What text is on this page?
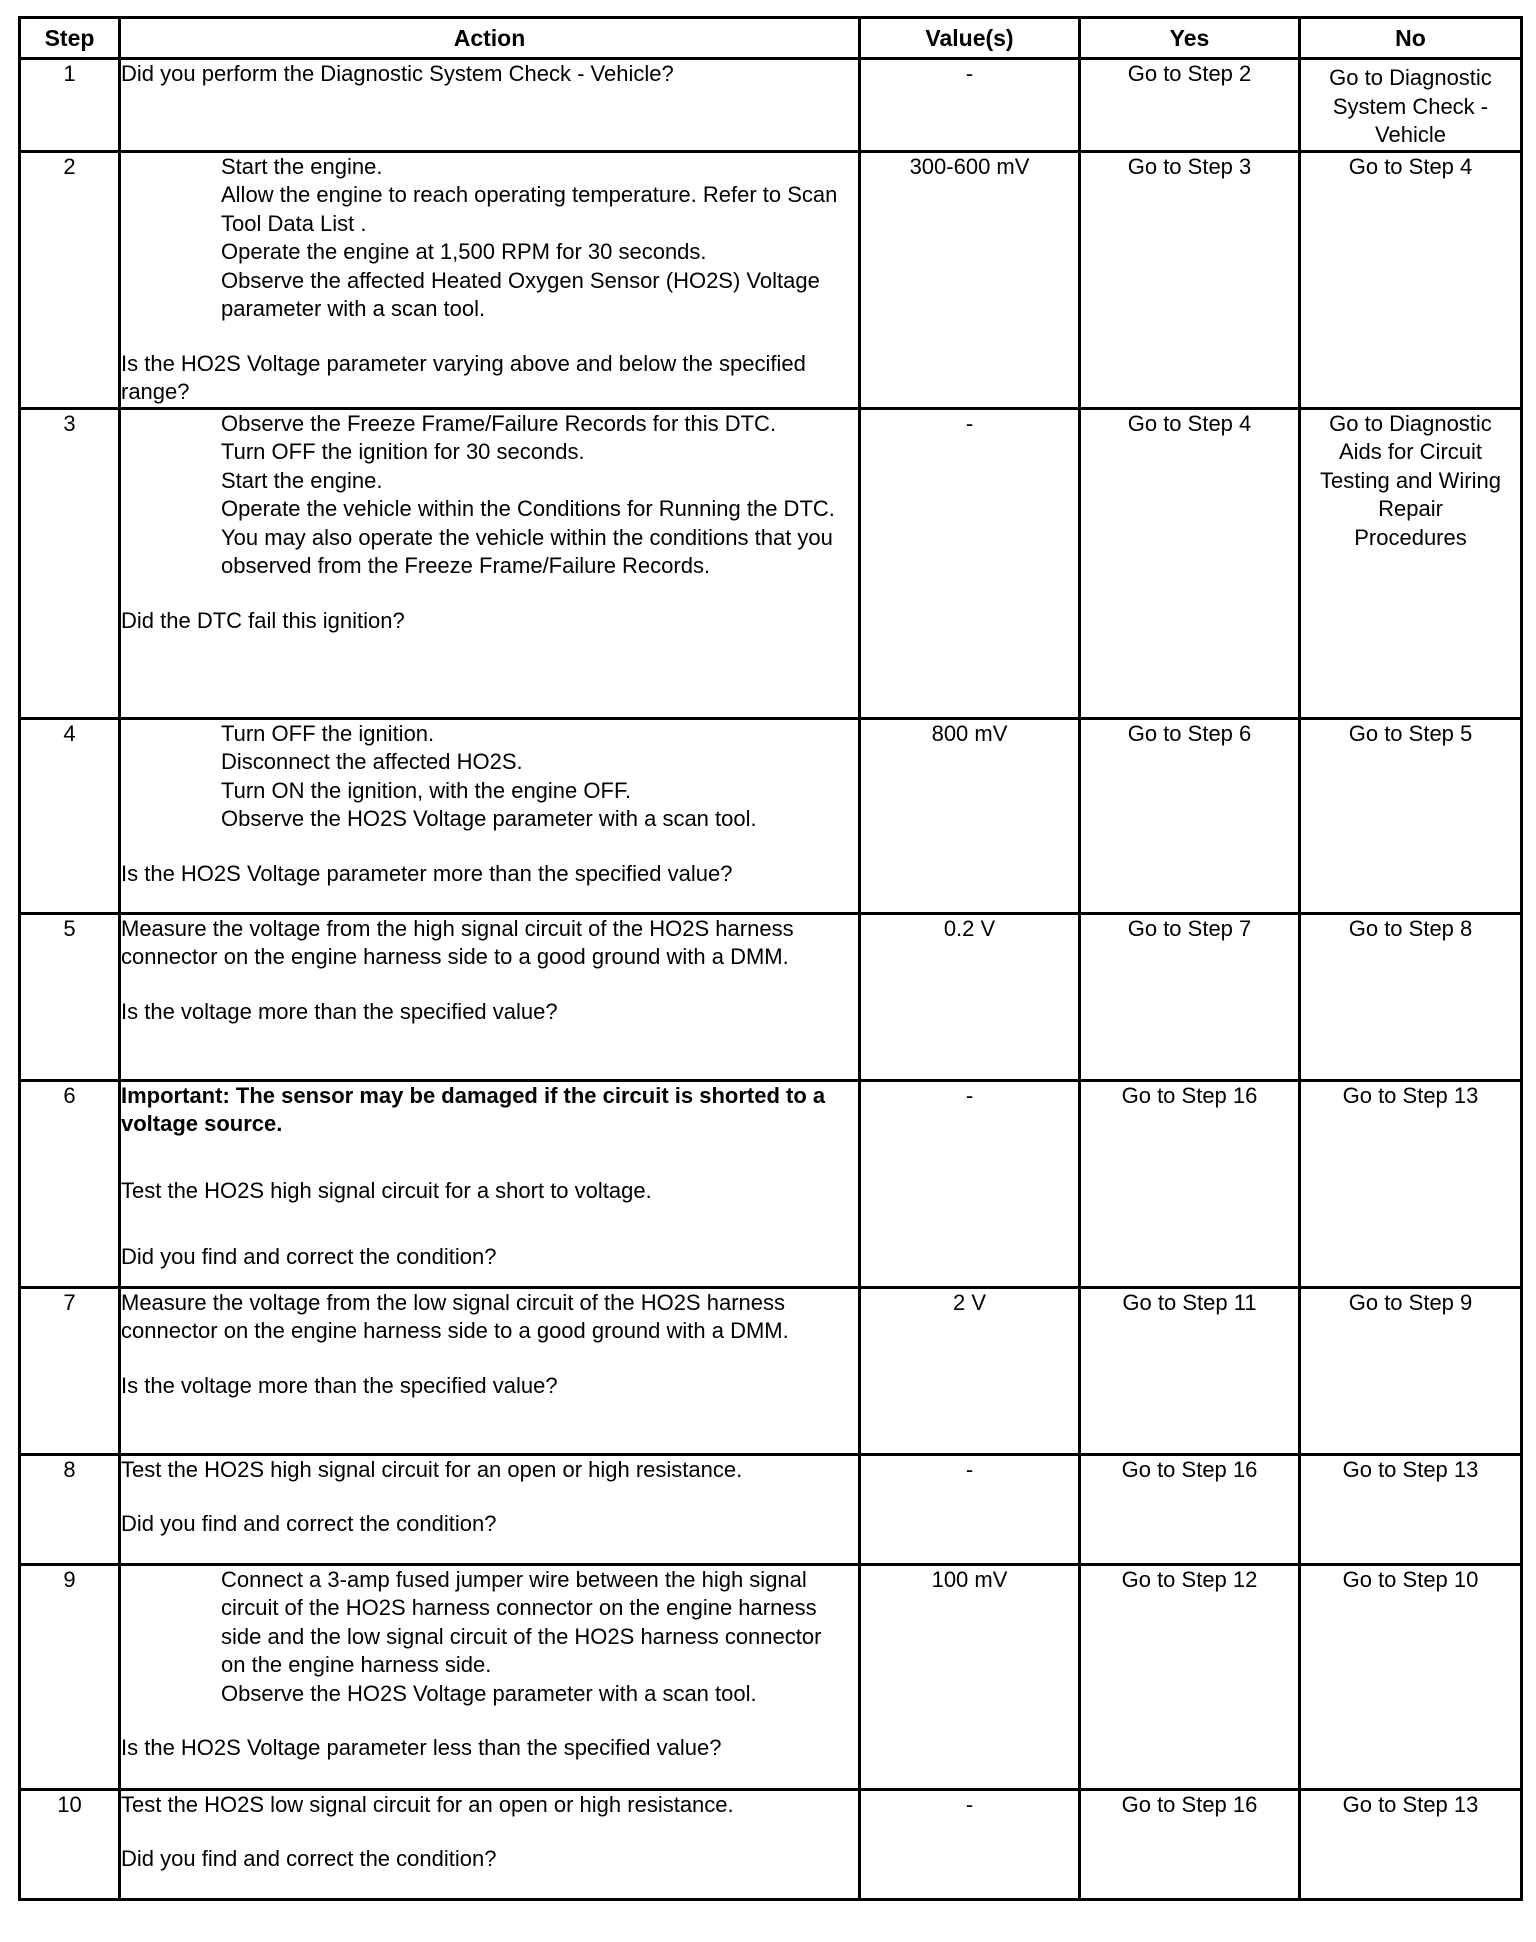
Step	Action	Value(s)	Yes	No
1	Did you perform the Diagnostic System Check - Vehicle?	-	Go to Step 2	Go to Diagnostic System Check - Vehicle
2	Start the engine.
Allow the engine to reach operating temperature. Refer to Scan Tool Data List .
Operate the engine at 1,500 RPM for 30 seconds.
Observe the affected Heated Oxygen Sensor (HO2S) Voltage parameter with a scan tool.
Is the HO2S Voltage parameter varying above and below the specified range?	300-600 mV	Go to Step 3	Go to Step 4
3	Observe the Freeze Frame/Failure Records for this DTC.
Turn OFF the ignition for 30 seconds.
Start the engine.
Operate the vehicle within the Conditions for Running the DTC. You may also operate the vehicle within the conditions that you observed from the Freeze Frame/Failure Records.
Did the DTC fail this ignition?	-	Go to Step 4	Go to Diagnostic Aids for Circuit Testing and Wiring Repair Procedures
4	Turn OFF the ignition.
Disconnect the affected HO2S.
Turn ON the ignition, with the engine OFF.
Observe the HO2S Voltage parameter with a scan tool.
Is the HO2S Voltage parameter more than the specified value?	800 mV	Go to Step 6	Go to Step 5
5	Measure the voltage from the high signal circuit of the HO2S harness connector on the engine harness side to a good ground with a DMM.
Is the voltage more than the specified value?	0.2 V	Go to Step 7	Go to Step 8
6	Important: The sensor may be damaged if the circuit is shorted to a voltage source.
Test the HO2S high signal circuit for a short to voltage.
Did you find and correct the condition?	-	Go to Step 16	Go to Step 13
7	Measure the voltage from the low signal circuit of the HO2S harness connector on the engine harness side to a good ground with a DMM.
Is the voltage more than the specified value?	2 V	Go to Step 11	Go to Step 9
8	Test the HO2S high signal circuit for an open or high resistance.
Did you find and correct the condition?	-	Go to Step 16	Go to Step 13
9	Connect a 3-amp fused jumper wire between the high signal circuit of the HO2S harness connector on the engine harness side and the low signal circuit of the HO2S harness connector on the engine harness side.
Observe the HO2S Voltage parameter with a scan tool.
Is the HO2S Voltage parameter less than the specified value?	100 mV	Go to Step 12	Go to Step 10
10	Test the HO2S low signal circuit for an open or high resistance.
Did you find and correct the condition?	-	Go to Step 16	Go to Step 13
